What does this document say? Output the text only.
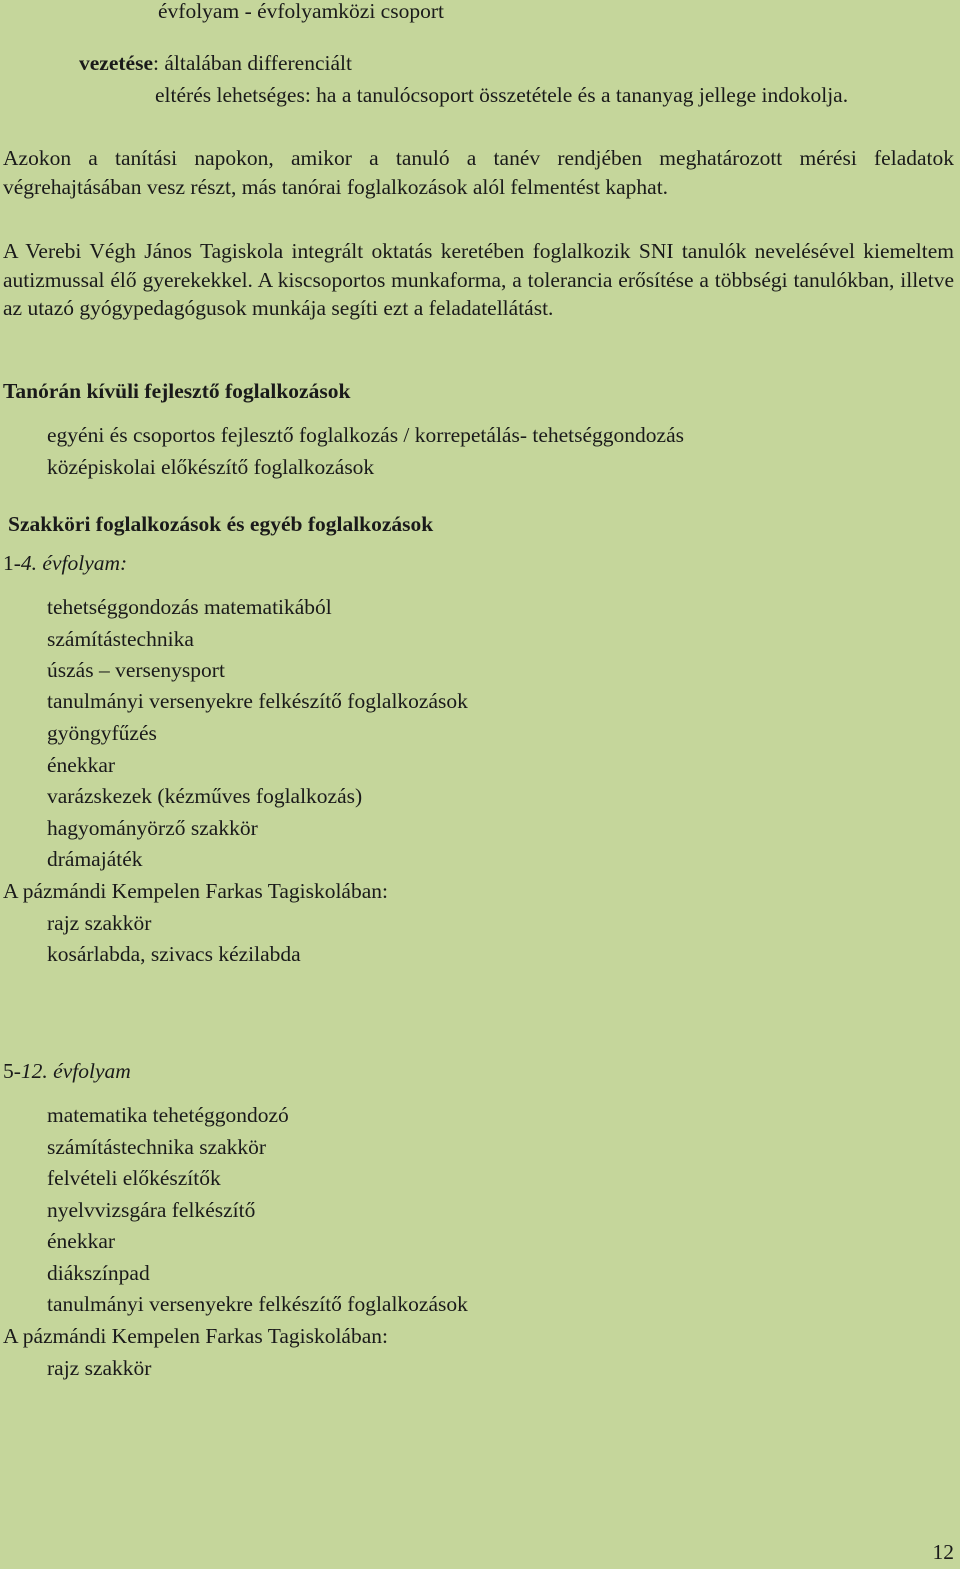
évfolyam - évfolyamközi csoport
vezetése: általában differenciált
eltérés lehetséges: ha a tanulócsoport összetétele és a tananyag jellege indokolja.
Azokon a tanítási napokon, amikor a tanuló a tanév rendjében meghatározott mérési feladatok végrehajtásában vesz részt, más tanórai foglalkozások alól felmentést kaphat.
A Verebi Végh János Tagiskola integrált oktatás keretében foglalkozik SNI tanulók nevelésével kiemeltem autizmussal élő gyerekekkel. A kiscsoportos munkaforma, a tolerancia erősítése a többségi tanulókban, illetve az utazó gyógypedagógusok munkája segíti ezt a feladatellátást.
Tanórán kívüli fejlesztő foglalkozások
egyéni és csoportos fejlesztő foglalkozás / korrepetálás- tehetséggondozás
középiskolai előkészítő foglalkozások
Szakköri foglalkozások és egyéb foglalkozások
1-4. évfolyam:
tehetséggondozás matematikából
számítástechnika
úszás – versenysport
tanulmányi versenyekre felkészítő foglalkozások
gyöngyfűzés
énekkar
varázskezek (kézműves foglalkozás)
hagyományörző szakkör
drámajáték
A pázmándi Kempelen Farkas Tagiskolában:
rajz szakkör
kosárlabda, szivacs kézilabda
5-12. évfolyam
matematika tehetéggondozó
számítástechnika szakkör
felvételi előkészítők
nyelvvizsgára felkészítő
énekkar
diákszínpad
tanulmányi versenyekre felkészítő foglalkozások
A pázmándi Kempelen Farkas Tagiskolában:
rajz szakkör
12
